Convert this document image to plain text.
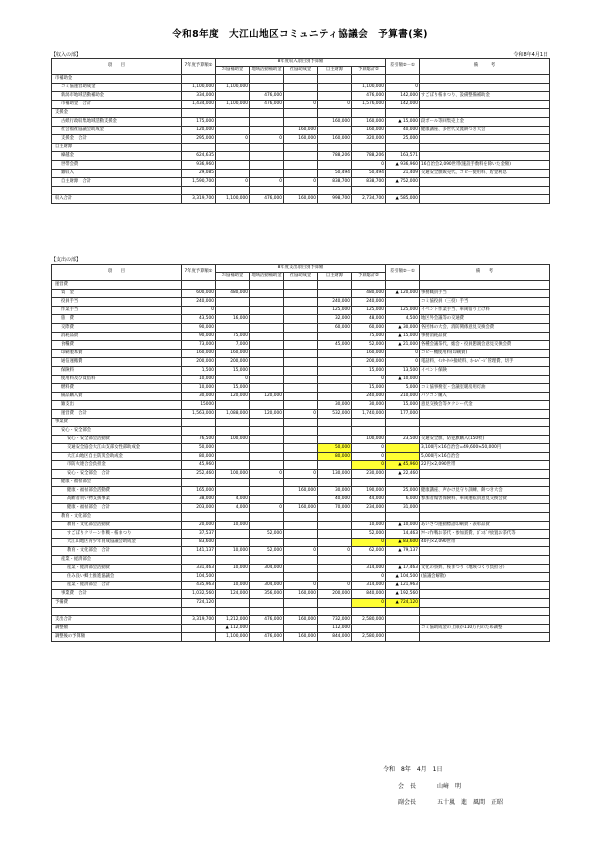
令和8年度　大江山地区コミュニティ協議会　予算書(案)
【収入の部】	令和8年4月1日
項　　目	7年度予算額①	8年度収入項目別予算額					差引額②－①	備　　　考
		ｺﾐ協補助金	地域活動補助金	社協助成金	自主財源	予算総計②		
市補助金								
コミ協運営助成金	1,100,000	1,100,000				1,100,000	0	
新潟市地域活動補助金	334,000		476,000			476,000	142,000	すごぼり桜まつり、設備整備補助金
市補助金　合計	1,434,000	1,100,000	476,000	0	0	1,576,000	142,000	
支援金								
古紙行政収集地域活動支援金	175,000				160,000	160,000	▲ 15,000	段ボール等回集売上金
社会福祉協議会助成金	120,000			160,000		160,000	40,000	健康講座、多世代文流餅つき大会
支援金　合計	295,000	0	0	160,000	160,000	320,000	25,000	
自主財源								
繰越金	624,635				788,206	788,206	163,571	
世帯会費	936,960					0	▲ 936,960	16自治会2,090世帯(施設手数料を除いた金額)
雑収入	29,085				50,494	50,494	21,409	交通安全旗販売代、コピー使用料、貯金利息
自主財源　合計	1,590,700	0	0	0	838,700	838,700	▲ 752,000	

収入合計	3,319,700	1,100,000	476,000	160,000	998,700	2,734,700	▲ 585,000	
【支出の部】
項　　目	7年度予算額①	8年度支出項目別予算額					差引額②－①	備　　考
		ｺﾐ協補助金	地域活動補助金	社協助成金	自主財源	予算総計②		
運営費								
賃　金	600,000	480,000				480,000	▲ 120,000	事務職員手当
役員手当	240,000				240,000	240,000		コミ協役員（三役）手当
作業手当	0				125,000	125,000	125,000	イベント作業手当、車両借り上げ料
旅　費	43,500	16,000			32,000	48,000	4,500	地区外会議等の交通費
交際費	90,000				60,000	60,000	▲ 30,000	各団体の大会、消防関係意見交換会費
消耗品費	90,000	75,000				75,000	▲ 15,000	事務消耗品費
食糧費	73,000	7,000			45,000	52,000	▲ 21,000	各種会議茶代、総会・役員懇親会意見交換会費
印刷製本費	160,000	160,000				160,000	0	コピー機使用料(印刷費)
通信運搬費	200,000	200,000				200,000	0	電話料、ｲﾝﾀｰﾈｯﾄ接続料、ﾎｰﾑﾍﾟｰｼﾞ管理費、切手
保険料	1,500	15,000				15,000	13,500	イベント保険
使用料及び賃借料	10,000	0				0	▲ 10,000	
燃料費	10,000	15,000				15,000	5,000	コミ協事務室・会議室暖房用灯油
備品購入費	30,000	120,000	120,000			240,000	210,000	パソコン購入
雑支出	15000				30,000	30,000	15,000	意見交換会等タクシー代金
運営費　合計	1,563,000	1,088,000	120,000	0	532,000	1,740,000	177,000	
事業費								
安心・安全部会								
安心・安全部会活動費	76,500	100,000				100,000	23,500	交通安全旗、防犯旗購入(150枚)
交通安全協会大江山支部女性部助成金	50,000				50,000	0		3,100円×16自治会=49,600≒50,000円
大江山地区自主防災会助成金	80,000				80,000	0		5,000円×16自治会
市防火連合会負担金	45,960					0	▲ 45,960	22円×2,090世帯
安心・安全部会　合計	252,460	100,000	0	0	130,000	230,000	▲ 22,460	
健康・福祉部会								
健康・福祉部会活動費	165,000			160,000	30,000	190,000	25,000	健康講座、声かけ見守り訓練、餅つき大会
高齢者買い物支援事業	38,000	4,000			40,000	44,000	6,000	参加者傷害保険料、車両運転員意見交換会費
健康・福祉部会　合計	203,000	4,000	0	160,000	70,000	234,000	31,000	
教育・文化部会								
教育・文化部会活動費	20,000	10,000				10,000	▲ 10,000	あいさつ運動標語印刷費・表彰品費
すごぼりクリーン作戦・桜まつり	37,537		52,000			52,000	14,463	ｸﾘｰﾝ作戦お茶代・参加賞費、ﾎﾞﾝﾎﾞﾘ放置お茶代等
大江山地区青少年育成協議会助成金	83,600					0	▲ 83,600	40円×2,090世帯
教育・文化部会　合計	141,137	10,000	52,000	0	0	62,000	▲ 79,137	
産業・経済部会								
産業・経済部会活動費	331,463	10,000	304,000			314,000	▲ 17,463	文化の祭典、桜まつり（地域づくり負担分）
住み良い郷土推進協議会	104,500					0	▲ 104,500	(協議会解散)
産業・経済部会　合計	435,963	10,000	304,000	0	0	314,000	▲ 121,963	
事業費　合計	1,032,560	124,000	356,000	160,000	200,000	840,000	▲ 192,560	
予備費	724,120					0	▲ 724,120	

支出合計	3,319,700	1,212,000	476,000	160,000	732,000	2,580,000		
調整額		▲ 112,000			112,000			コミ協助成金の上限が110万円のため調整
調整後の予算額		1,100,000	476,000	160,000	844,000	2,580,000		
令和　8年　4月　1日
会　長	山﨑　明
副会長	五十嵐　進　風間　正昭
